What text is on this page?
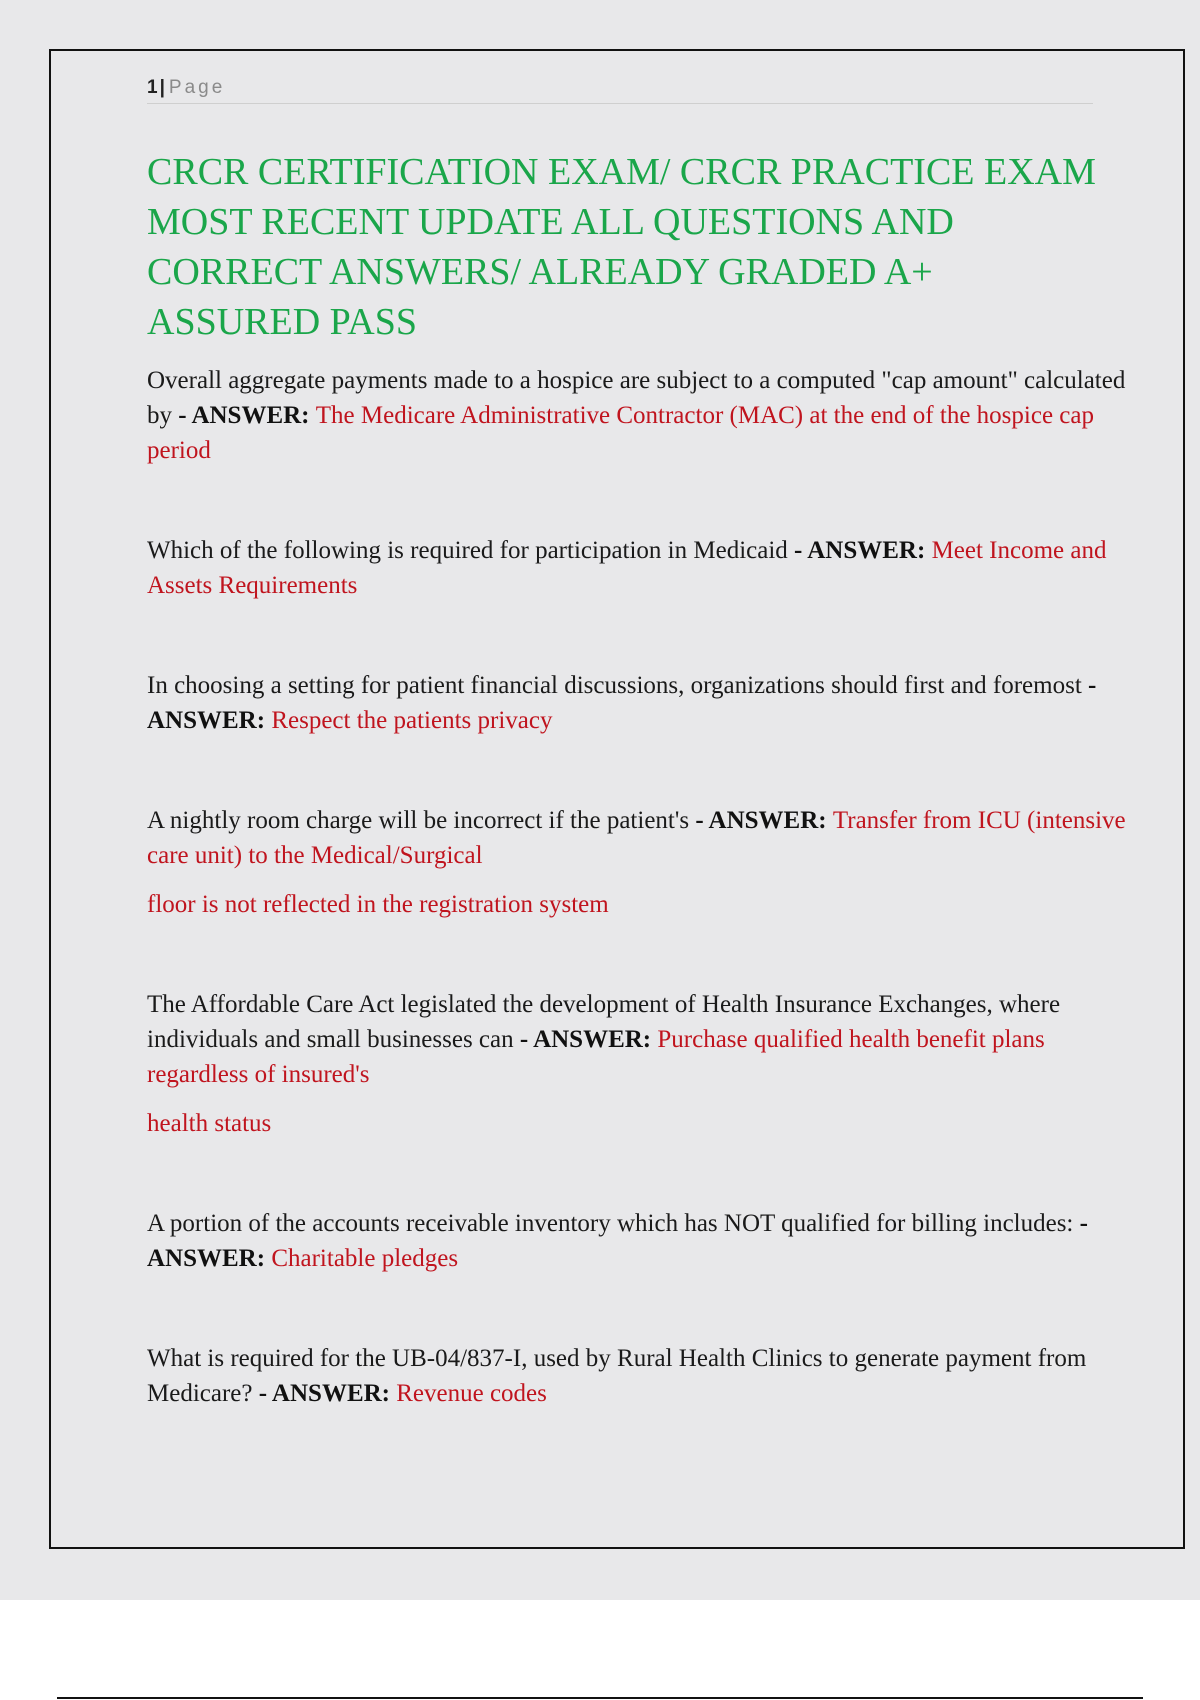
1 | Page
CRCR CERTIFICATION EXAM/ CRCR PRACTICE EXAM MOST RECENT UPDATE ALL QUESTIONS AND CORRECT ANSWERS/ ALREADY GRADED A+ ASSURED PASS

Overall aggregate payments made to a hospice are subject to a computed "cap amount" calculated by - ANSWER: The Medicare Administrative Contractor (MAC) at the end of the hospice cap period

Which of the following is required for participation in Medicaid - ANSWER: Meet Income and Assets Requirements

In choosing a setting for patient financial discussions, organizations should first and foremost - ANSWER: Respect the patients privacy

A nightly room charge will be incorrect if the patient's - ANSWER: Transfer from ICU (intensive care unit) to the Medical/Surgical
floor is not reflected in the registration system

The Affordable Care Act legislated the development of Health Insurance Exchanges, where individuals and small businesses can - ANSWER: Purchase qualified health benefit plans regardless of insured's
health status

A portion of the accounts receivable inventory which has NOT qualified for billing includes: - ANSWER: Charitable pledges

What is required for the UB-04/837-I, used by Rural Health Clinics to generate payment from Medicare? - ANSWER: Revenue codes
